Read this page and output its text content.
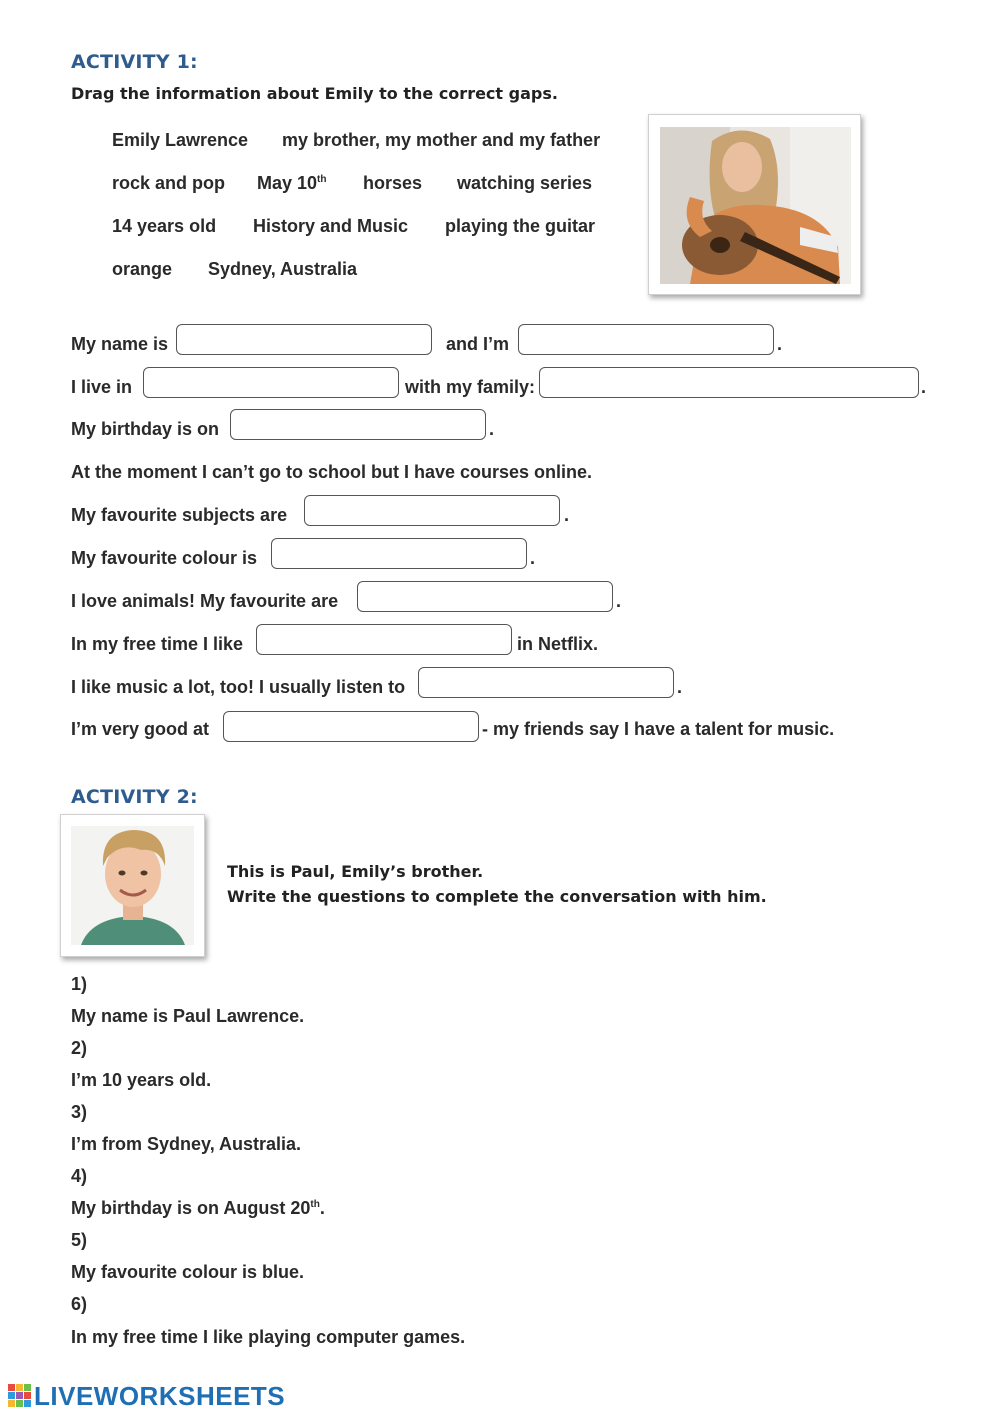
ACTIVITY 1:
Drag the information about Emily to the correct gaps.
Emily Lawrence my brother, my mother and my father
rock and pop May 10th horses watching series
14 years old History and Music playing the guitar
orange Sydney, Australia
My name is	and I’m	.
I live in	with my family:	.
My birthday is on	.
At the moment I can’t go to school but I have courses online.
My favourite subjects are	.
My favourite colour is	.
I love animals! My favourite are	.
In my free time I like	in Netflix.
I like music a lot, too! I usually listen to	.
I’m very good at	- my friends say I have a talent for music.
ACTIVITY 2:
This is Paul, Emily’s brother.
Write the questions to complete the conversation with him.
1)
My name is Paul Lawrence.
2)
I’m 10 years old.
3)
I’m from Sydney, Australia.
4)
My birthday is on August 20th.
5)
My favourite colour is blue.
6)
In my free time I like playing computer games.
LIVEWORKSHEETS
